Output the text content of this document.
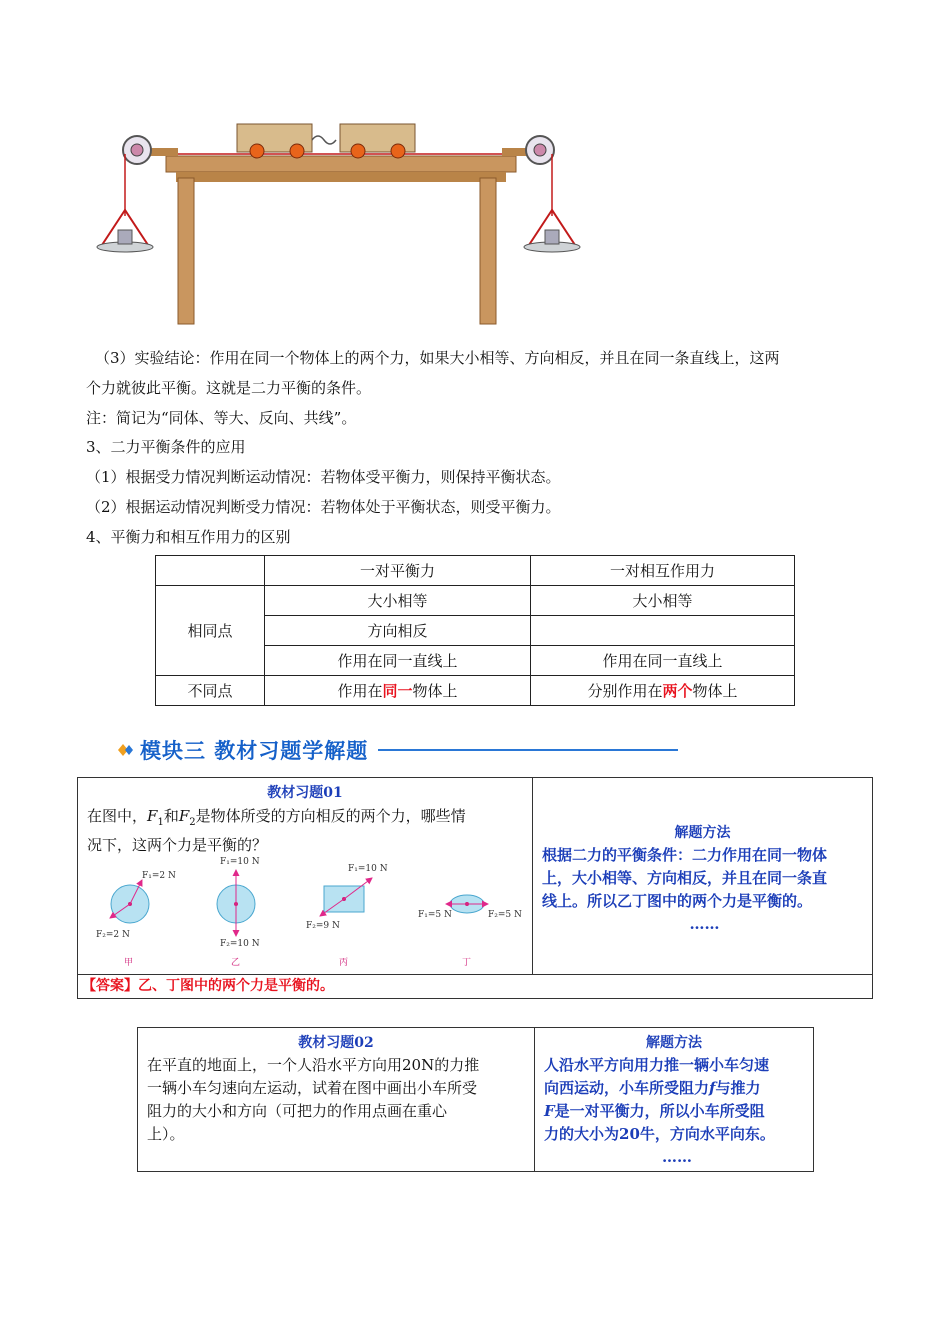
（3）实验结论：作用在同一个物体上的两个力，如果大小相等、方向相反，并且在同一条直线上，这两
个力就彼此平衡。这就是二力平衡的条件。
注：简记为“同体、等大、反向、共线”。
3、二力平衡条件的应用
（1）根据受力情况判断运动情况：若物体受平衡力，则保持平衡状态。
（2）根据运动情况判断受力情况：若物体处于平衡状态，则受平衡力。
4、平衡力和相互作用力的区别
	一对平衡力	一对相互作用力
相同点	大小相等	大小相等
	方向相反	
	作用在同一直线上	作用在同一直线上
不同点	作用在同一物体上	分别作用在两个物体上
模块三 教材习题学解题
教材习题01
在图中，$F_1$和$F_2$是物体所受的方向相反的两个力，哪些情
况下，这两个力是平衡的？
F₁=2 N
F₂=2 N
甲
F₁=10 N
F₂=10 N
乙
F₁=10 N
F₂=9 N
丙
F₁=5 N	F₂=5 N
丁
解题方法
根据二力的平衡条件：二力作用在同一物体
上，大小相等、方向相反，并且在同一条直
线上。所以乙丁图中的两个力是平衡的。
……
【答案】乙、丁图中的两个力是平衡的。
教材习题02
在平直的地面上，一个人沿水平方向用20N的力推
一辆小车匀速向左运动，试着在图中画出小车所受
阻力的大小和方向（可把力的作用点画在重心
上）。
解题方法
人沿水平方向用力推一辆小车匀速
向西运动，小车所受阻力f与推力
F是一对平衡力，所以小车所受阻
力的大小为20牛，方向水平向东。
……
